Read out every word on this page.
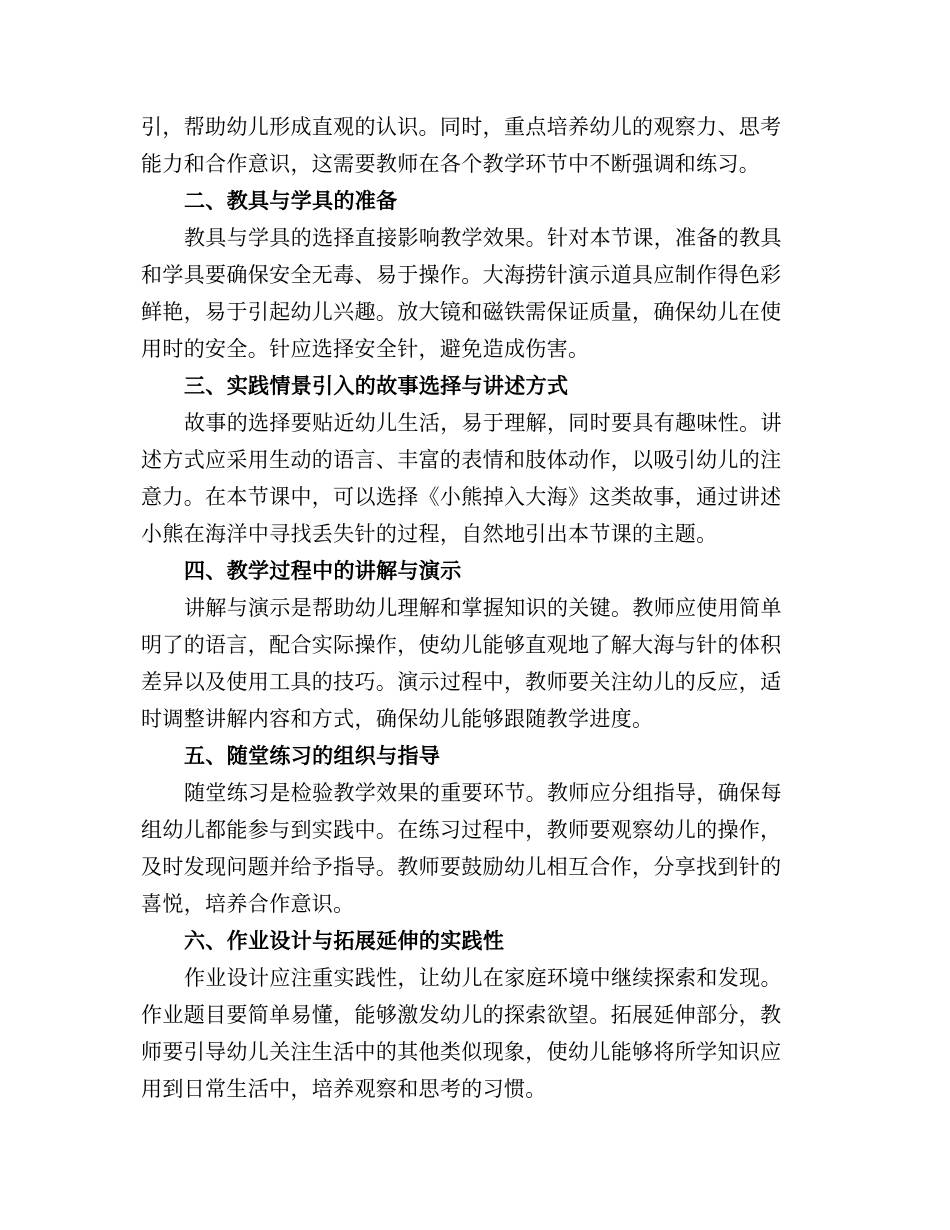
引，帮助幼儿形成直观的认识。同时，重点培养幼儿的观察力、思考
能力和合作意识，这需要教师在各个教学环节中不断强调和练习。
二、教具与学具的准备
教具与学具的选择直接影响教学效果。针对本节课，准备的教具
和学具要确保安全无毒、易于操作。大海捞针演示道具应制作得色彩
鲜艳，易于引起幼儿兴趣。放大镜和磁铁需保证质量，确保幼儿在使
用时的安全。针应选择安全针，避免造成伤害。
三、实践情景引入的故事选择与讲述方式
故事的选择要贴近幼儿生活，易于理解，同时要具有趣味性。讲
述方式应采用生动的语言、丰富的表情和肢体动作，以吸引幼儿的注
意力。在本节课中，可以选择《小熊掉入大海》这类故事，通过讲述
小熊在海洋中寻找丢失针的过程，自然地引出本节课的主题。
四、教学过程中的讲解与演示
讲解与演示是帮助幼儿理解和掌握知识的关键。教师应使用简单
明了的语言，配合实际操作，使幼儿能够直观地了解大海与针的体积
差异以及使用工具的技巧。演示过程中，教师要关注幼儿的反应，适
时调整讲解内容和方式，确保幼儿能够跟随教学进度。
五、随堂练习的组织与指导
随堂练习是检验教学效果的重要环节。教师应分组指导，确保每
组幼儿都能参与到实践中。在练习过程中，教师要观察幼儿的操作，
及时发现问题并给予指导。教师要鼓励幼儿相互合作，分享找到针的
喜悦，培养合作意识。
六、作业设计与拓展延伸的实践性
作业设计应注重实践性，让幼儿在家庭环境中继续探索和发现。
作业题目要简单易懂，能够激发幼儿的探索欲望。拓展延伸部分，教
师要引导幼儿关注生活中的其他类似现象，使幼儿能够将所学知识应
用到日常生活中，培养观察和思考的习惯。
